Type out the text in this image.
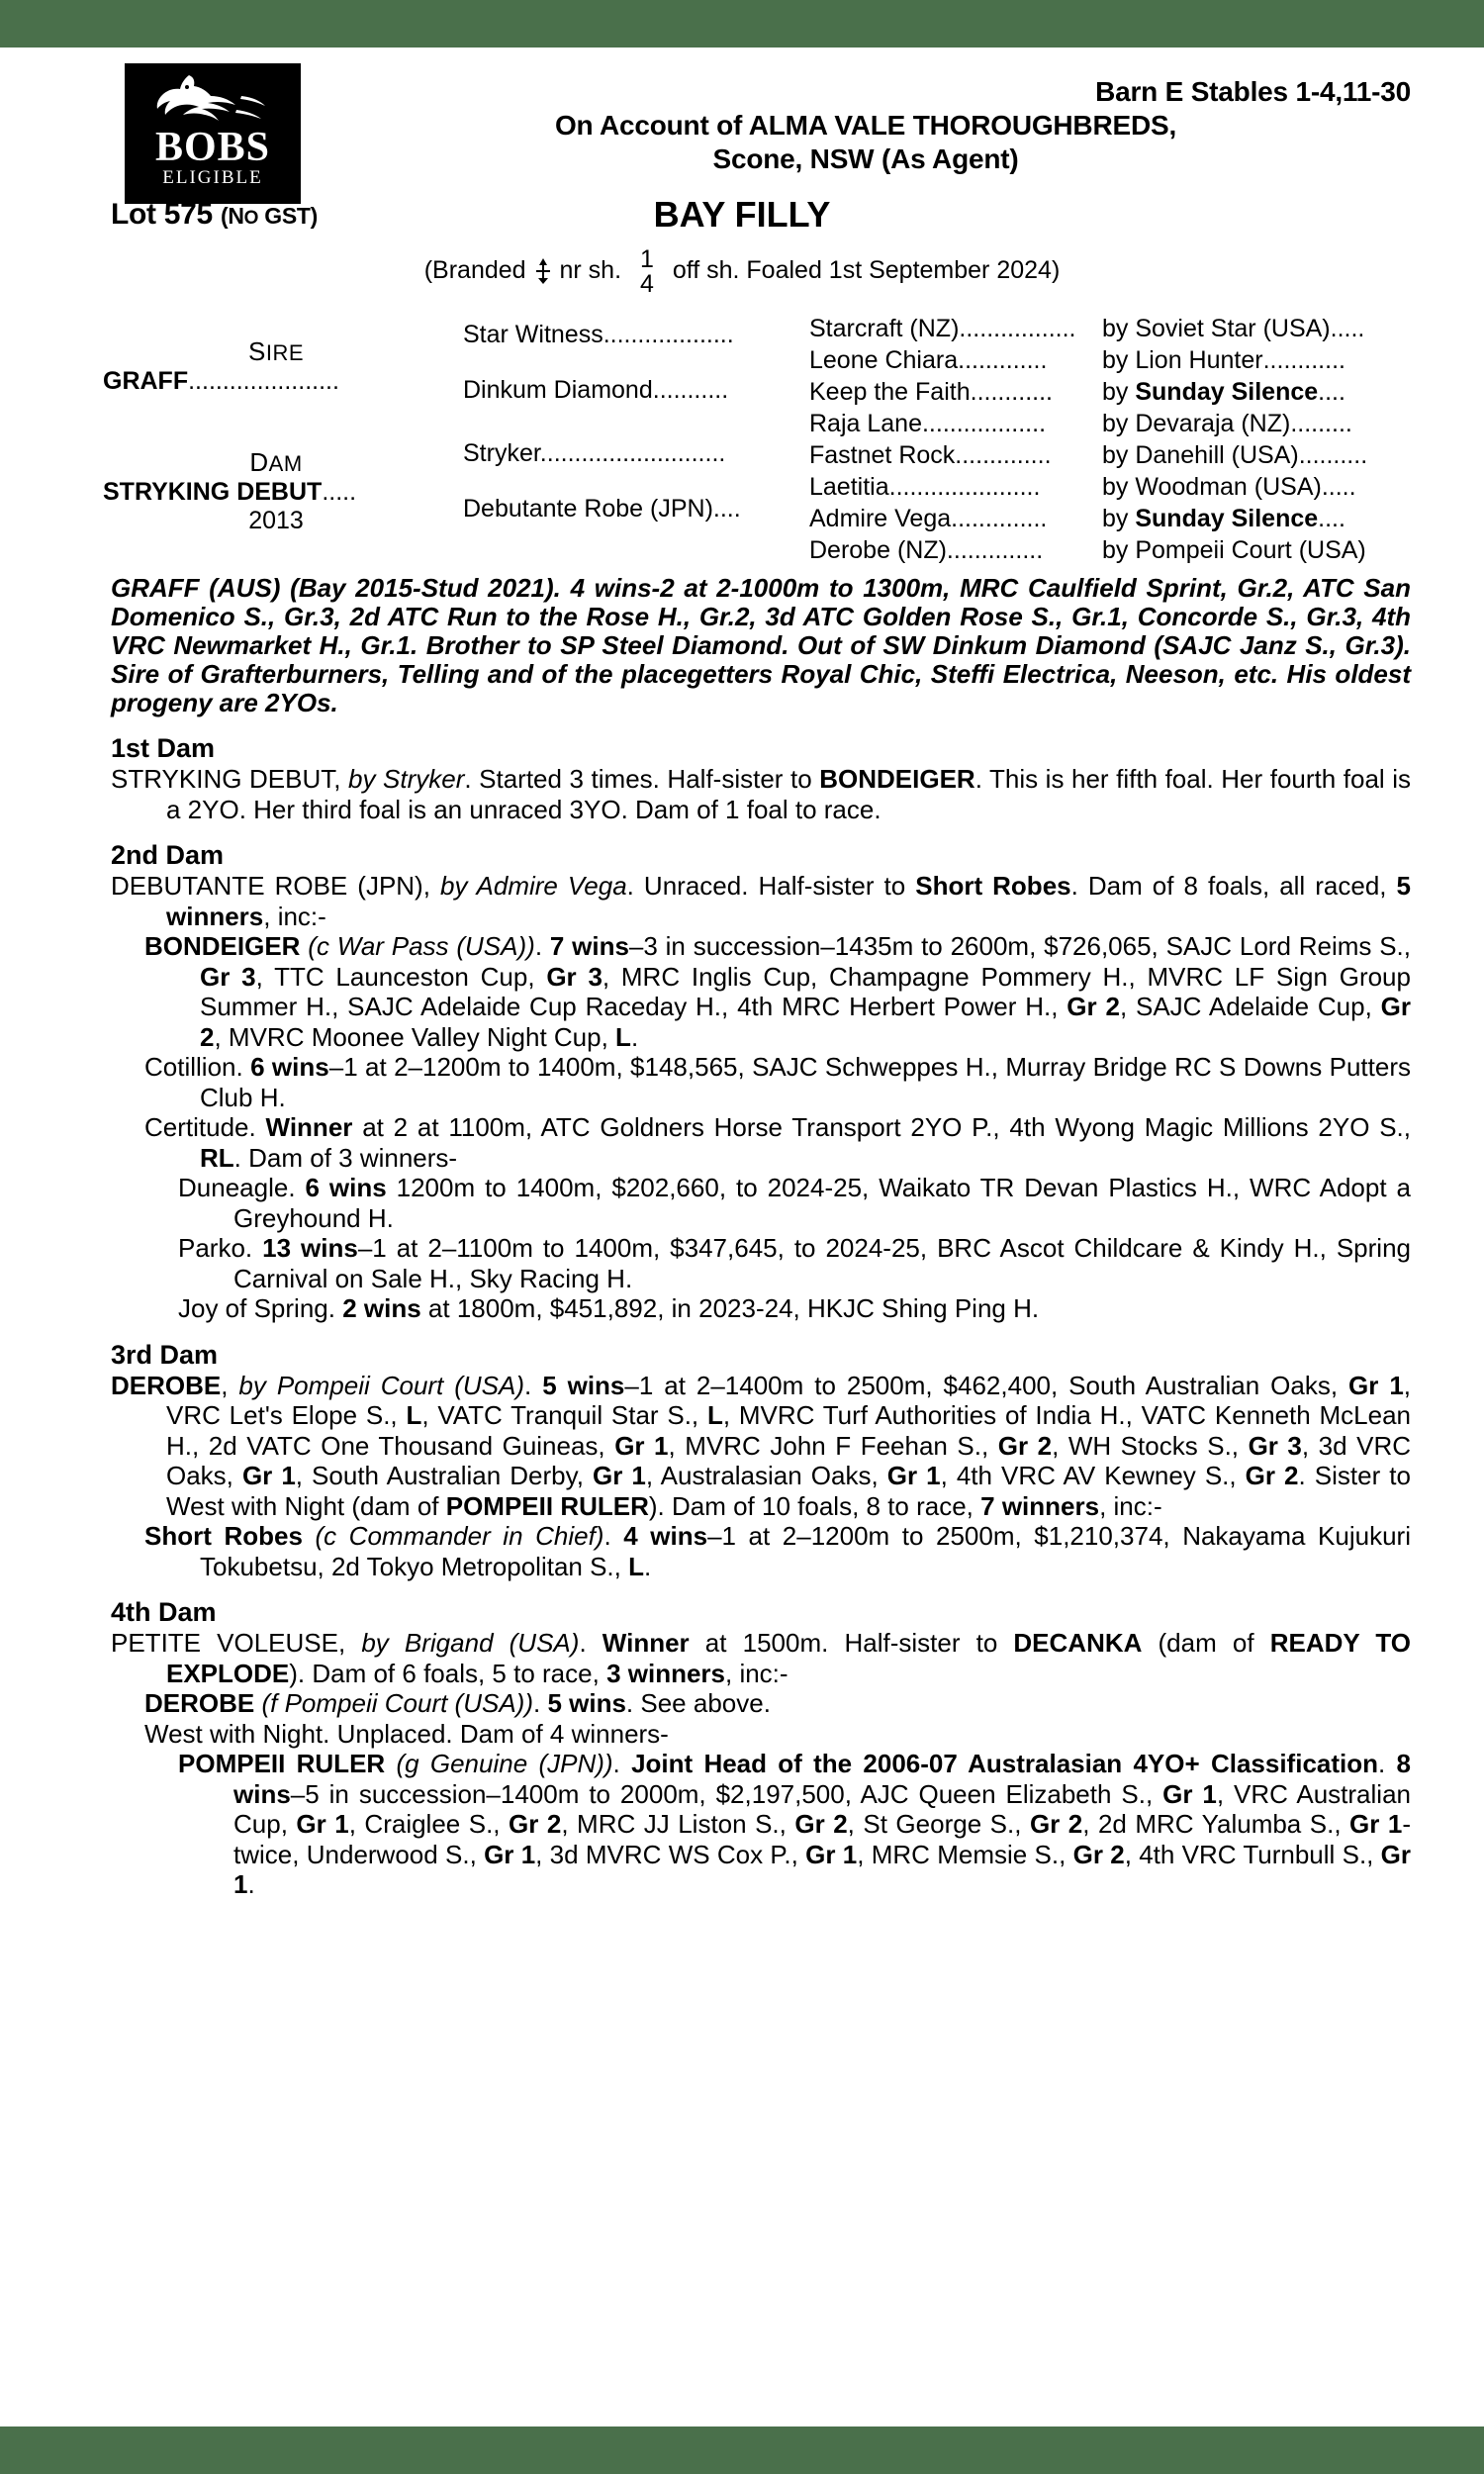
BOBS
ELIGIBLE
Barn E Stables 1-4,11-30
On Account of ALMA VALE THOROUGHBREDS,
Scone, NSW (As Agent)
Lot 575 (NO GST)	BAY FILLY
(Branded nr sh. 1
4 off sh. Foaled 1st September 2024)
SIRE
GRAFF......................
DAM
STRYKING DEBUT.....
2013
Star Witness...................
Dinkum Diamond...........
Stryker...........................
Debutante Robe (JPN)....
Starcraft (NZ)................. by Soviet Star (USA).....
Leone Chiara............. by Lion Hunter............
Keep the Faith............ by Sunday Silence....
Raja Lane.................. by Devaraja (NZ).........
Fastnet Rock.............. by Danehill (USA)..........
Laetitia......................	by Woodman (USA).....
Admire Vega.............. by Sunday Silence....
Derobe (NZ).............. by Pompeii Court (USA)
GRAFF (AUS) (Bay 2015-Stud 2021). 4 wins-2 at 2-1000m to 1300m, MRC Caulfield Sprint, Gr.2, ATC San Domenico S., Gr.3, 2d ATC Run to the Rose H., Gr.2, 3d ATC Golden Rose S., Gr.1, Concorde S., Gr.3, 4th VRC Newmarket H., Gr.1. Brother to SP Steel Diamond. Out of SW Dinkum Diamond (SAJC Janz S., Gr.3). Sire of Grafterburners, Telling and of the placegetters Royal Chic, Steffi Electrica, Neeson, etc. His oldest progeny are 2YOs.
1st Dam
STRYKING DEBUT, by Stryker. Started 3 times. Half-sister to BONDEIGER. This is her fifth foal. Her fourth foal is a 2YO. Her third foal is an unraced 3YO. Dam of 1 foal to race.
2nd Dam
DEBUTANTE ROBE (JPN), by Admire Vega. Unraced. Half-sister to Short Robes. Dam of 8 foals, all raced, 5 winners, inc:-
BONDEIGER (c War Pass (USA)). 7 wins–3 in succession–1435m to 2600m, $726,065, SAJC Lord Reims S., Gr 3, TTC Launceston Cup, Gr 3, MRC Inglis Cup, Champagne Pommery H., MVRC LF Sign Group Summer H., SAJC Adelaide Cup Raceday H., 4th MRC Herbert Power H., Gr 2, SAJC Adelaide Cup, Gr 2, MVRC Moonee Valley Night Cup, L.
Cotillion. 6 wins–1 at 2–1200m to 1400m, $148,565, SAJC Schweppes H., Murray Bridge RC S Downs Putters Club H.
Certitude. Winner at 2 at 1100m, ATC Goldners Horse Transport 2YO P., 4th Wyong Magic Millions 2YO S., RL. Dam of 3 winners-
Duneagle. 6 wins 1200m to 1400m, $202,660, to 2024-25, Waikato TR Devan Plastics H., WRC Adopt a Greyhound H.
Parko. 13 wins–1 at 2–1100m to 1400m, $347,645, to 2024-25, BRC Ascot Childcare & Kindy H., Spring Carnival on Sale H., Sky Racing H.
Joy of Spring. 2 wins at 1800m, $451,892, in 2023-24, HKJC Shing Ping H.
3rd Dam
DEROBE, by Pompeii Court (USA). 5 wins–1 at 2–1400m to 2500m, $462,400, South Australian Oaks, Gr 1, VRC Let's Elope S., L, VATC Tranquil Star S., L, MVRC Turf Authorities of India H., VATC Kenneth McLean H., 2d VATC One Thousand Guineas, Gr 1, MVRC John F Feehan S., Gr 2, WH Stocks S., Gr 3, 3d VRC Oaks, Gr 1, South Australian Derby, Gr 1, Australasian Oaks, Gr 1, 4th VRC AV Kewney S., Gr 2. Sister to West with Night (dam of POMPEII RULER). Dam of 10 foals, 8 to race, 7 winners, inc:-
Short Robes (c Commander in Chief). 4 wins–1 at 2–1200m to 2500m, $1,210,374, Nakayama Kujukuri Tokubetsu, 2d Tokyo Metropolitan S., L.
4th Dam
PETITE VOLEUSE, by Brigand (USA). Winner at 1500m. Half-sister to DECANKA (dam of READY TO EXPLODE). Dam of 6 foals, 5 to race, 3 winners, inc:-
DEROBE (f Pompeii Court (USA)). 5 wins. See above.
West with Night. Unplaced. Dam of 4 winners-
POMPEII RULER (g Genuine (JPN)). Joint Head of the 2006-07 Australasian 4YO+ Classification. 8 wins–5 in succession–1400m to 2000m, $2,197,500, AJC Queen Elizabeth S., Gr 1, VRC Australian Cup, Gr 1, Craiglee S., Gr 2, MRC JJ Liston S., Gr 2, St George S., Gr 2, 2d MRC Yalumba S., Gr 1-twice, Underwood S., Gr 1, 3d MVRC WS Cox P., Gr 1, MRC Memsie S., Gr 2, 4th VRC Turnbull S., Gr 1.
